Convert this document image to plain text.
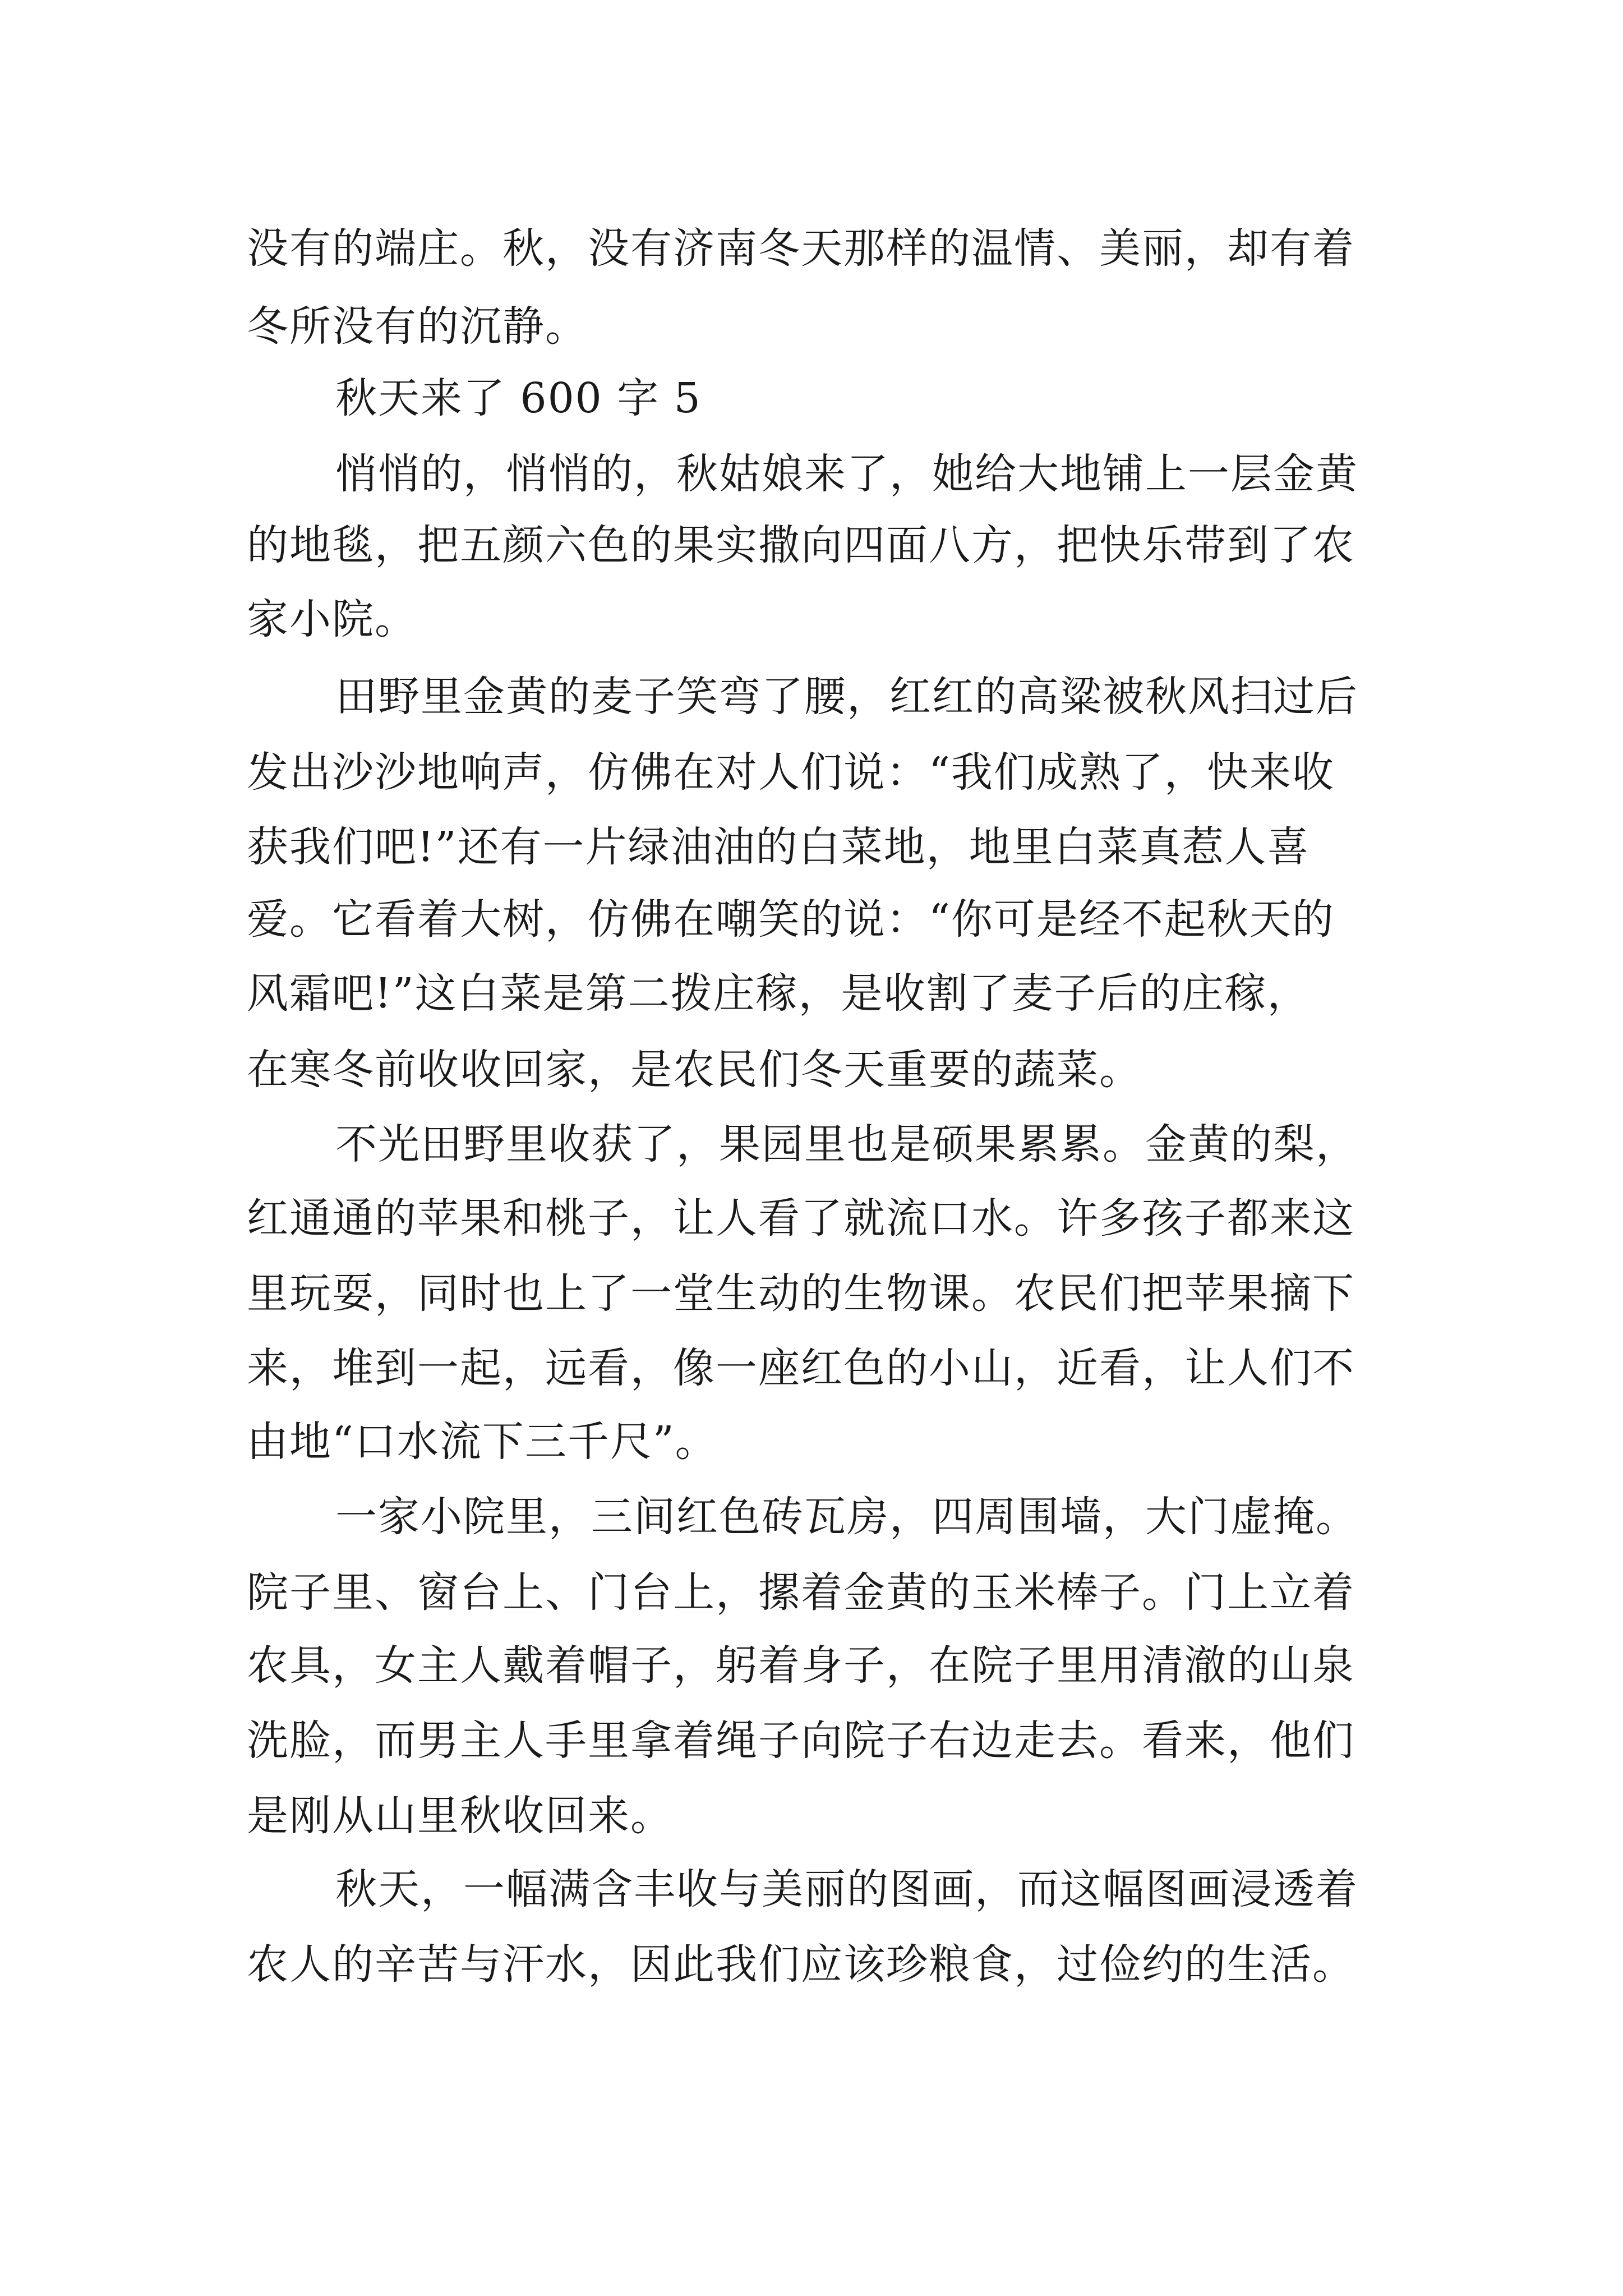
没有的端庄。秋，没有济南冬天那样的温情、美丽，却有着
冬所没有的沉静。
秋天来了 600 字 5
悄悄的，悄悄的，秋姑娘来了，她给大地铺上一层金黄
的地毯，把五颜六色的果实撒向四面八方，把快乐带到了农
家小院。
田野里金黄的麦子笑弯了腰，红红的高粱被秋风扫过后
发出沙沙地响声，仿佛在对人们说：“我们成熟了，快来收
获我们吧!”还有一片绿油油的白菜地，地里白菜真惹人喜
爱。它看着大树，仿佛在嘲笑的说：“你可是经不起秋天的
风霜吧!”这白菜是第二拨庄稼，是收割了麦子后的庄稼，
在寒冬前收收回家，是农民们冬天重要的蔬菜。
不光田野里收获了，果园里也是硕果累累。金黄的梨，
红通通的苹果和桃子，让人看了就流口水。许多孩子都来这
里玩耍，同时也上了一堂生动的生物课。农民们把苹果摘下
来，堆到一起，远看，像一座红色的小山，近看，让人们不
由地“口水流下三千尺”。
一家小院里，三间红色砖瓦房，四周围墙，大门虚掩。
院子里、窗台上、门台上，摞着金黄的玉米棒子。门上立着
农具，女主人戴着帽子，躬着身子，在院子里用清澈的山泉
洗脸，而男主人手里拿着绳子向院子右边走去。看来，他们
是刚从山里秋收回来。
秋天，一幅满含丰收与美丽的图画，而这幅图画浸透着
农人的辛苦与汗水，因此我们应该珍粮食，过俭约的生活。
